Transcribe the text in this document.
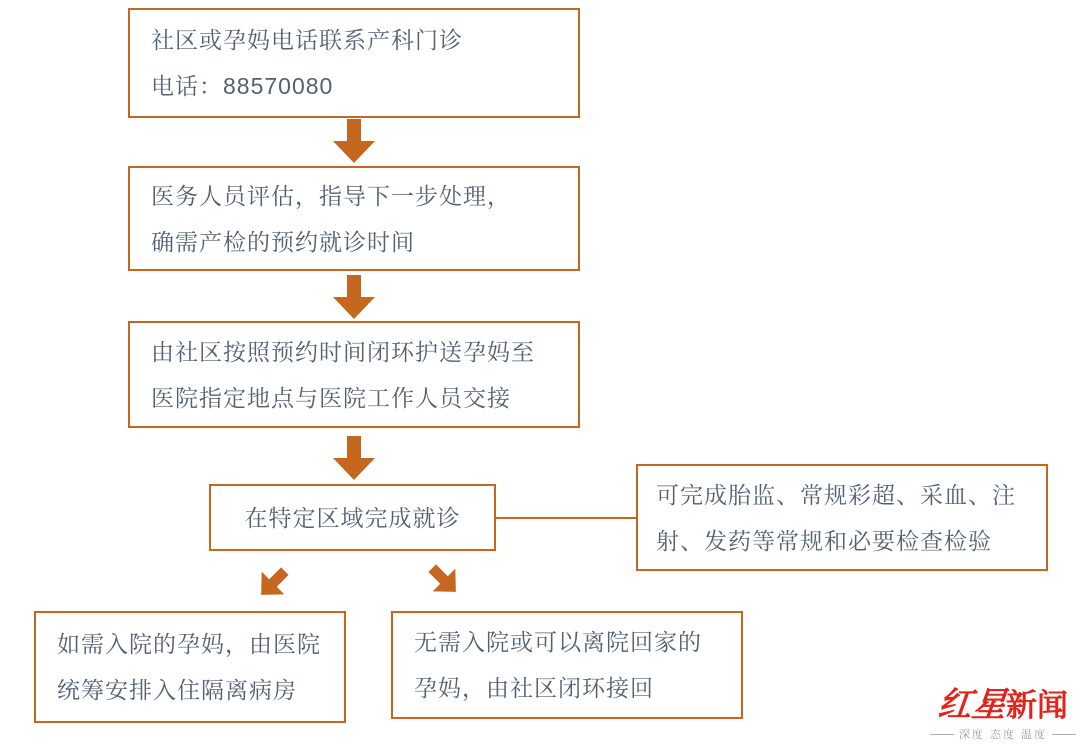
社区或孕妈电话联系产科门诊
电话：88570080
医务人员评估，指导下一步处理，
确需产检的预约就诊时间
由社区按照预约时间闭环护送孕妈至
医院指定地点与医院工作人员交接
在特定区域完成就诊
可完成胎监、常规彩超、采血、注
射、发药等常规和必要检查检验
如需入院的孕妈，由医院
统筹安排入住隔离病房
无需入院或可以离院回家的
孕妈，由社区闭环接回	红星新闻
深度 态度 温度
